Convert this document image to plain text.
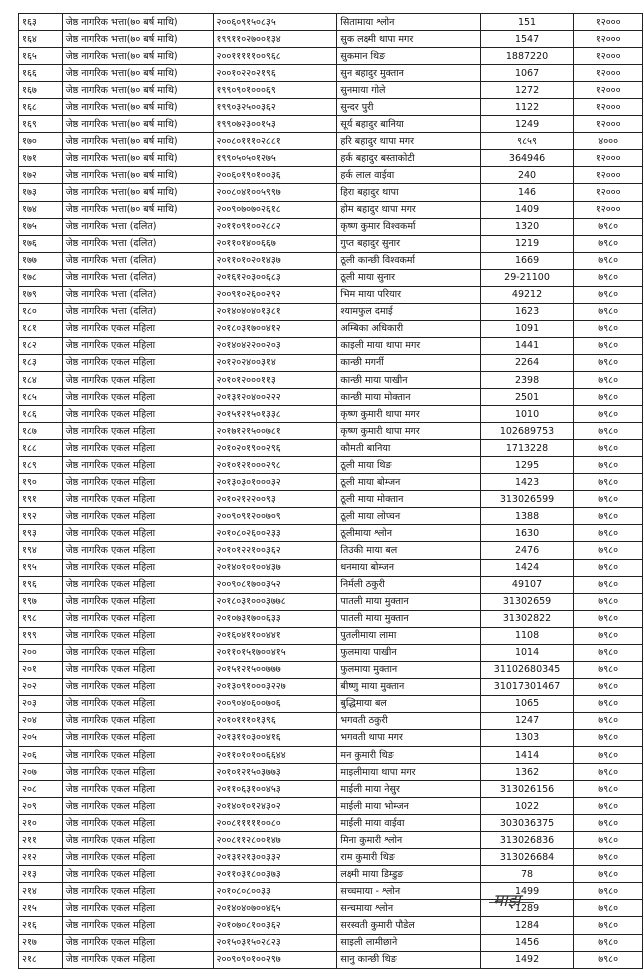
१६३	जेष्ठ नागरिक भत्ता(७० बर्ष माथि)	२००६०९१५०८३५	सितामाया श्लोन	151	१२०००
१६४	जेष्ठ नागरिक भत्ता(७० बर्ष माथि)	१९९११०२७००१३४	सुक लक्ष्मी थापा मगर	1547	१२०००
१६५	जेष्ठ नागरिक भत्ता(७० बर्ष माथि)	२००१११११००९६८	सुकमान थिङ	1887220	१२०००
१६६	जेष्ठ नागरिक भत्ता(७० बर्ष माथि)	२००१०२२०२१९६	सुन बहादुर मुक्तान	1067	१२०००
१६७	जेष्ठ नागरिक भत्ता(७० बर्ष माथि)	१९९०९०१०००६९	सुनमाया गोले	1272	१२०००
१६८	जेष्ठ नागरिक भत्ता(७० बर्ष माथि)	१९९०३२५००३६२	सुन्दर पुरी	1122	१२०००
१६९	जेष्ठ नागरिक भत्ता(७० बर्ष माथि)	१९९०७२३००१५३	सूर्य बहादुर बानिया	1249	१२०००
१७०	जेष्ठ नागरिक भत्ता(७० बर्ष माथि)	२००८०१११०२८८१	हरि बहादुर थापा मगर	९८५९	४०००
१७१	जेष्ठ नागरिक भत्ता(७० बर्ष माथि)	१९९०५०५०१२७५	हर्क बहादुर बस्ताकोटी	364946	१२०००
१७२	जेष्ठ नागरिक भत्ता(७० बर्ष माथि)	२००६०१९०१००३६	हर्क लाल वाईवा	240	१२०००
१७३	जेष्ठ नागरिक भत्ता(७० बर्ष माथि)	२००८०४१००५९९७	हिरा बहादुर थापा	146	१२०००
१७४	जेष्ठ नागरिक भत्ता(७० बर्ष माथि)	२००९०७०७०२६१८	होम बहादुर थापा मगर	1409	१२०००
१७५	जेष्ठ नागरिक भत्ता (दलित)	२०११०९१००२८८२	कृष्ण कुमार विश्वकर्मा	1320	७९८०
१७६	जेष्ठ नागरिक भत्ता (दलित)	२०११०१४००६६७	गुप्त बहादुर सुनार	1219	७९८०
१७७	जेष्ठ नागरिक भत्ता (दलित)	२०११०१०२०१४३७	ठूली कान्छी विश्वकर्मा	1669	७९८०
१७८	जेष्ठ नागरिक भत्ता (दलित)	२०१६१२०३००६८३	ठूली माया सुनार	29-21100	७९८०
१७९	जेष्ठ नागरिक भत्ता (दलित)	२००९१०२६००२९२	भिम माया परियार	49212	७९८०
१८०	जेष्ठ नागरिक भत्ता (दलित)	२०१४०४०४०१३८१	श्यामफुल दमाई	1623	७९८०
१८१	जेष्ठ नागरिक एकल महिला	२०१८०३१७००४१२	अम्बिका अधिकारी	1091	७९८०
१८२	जेष्ठ नागरिक एकल महिला	२०१४०४२२००२०३	काइली माया थापा मगर	1441	७९८०
१८३	जेष्ठ नागरिक एकल महिला	२०१२०२४००३१४	कान्छी मगर्नी	2264	७९८०
१८४	जेष्ठ नागरिक एकल महिला	२०१०१२०००११३	कान्छी माया पाखीन	2398	७९८०
१८५	जेष्ठ नागरिक एकल महिला	२०१३१२०४००२२२	कान्छी माया मोक्तान	2501	७९८०
१८६	जेष्ठ नागरिक एकल महिला	२०१५१२१५०१३३८	कृष्ण कुमारी थापा मगर	1010	७९८०
१८७	जेष्ठ नागरिक एकल महिला	२०१७१२१५००७८१	कृष्ण कुमारी थापा मगर	102689753	७९८०
१८८	जेष्ठ नागरिक एकल महिला	२०१०२०१९००२९६	कौमती बानिया	1713228	७९८०
१८९	जेष्ठ नागरिक एकल महिला	२०१०१२१०००२९८	ठूली माया थिङ	1295	७९८०
१९०	जेष्ठ नागरिक एकल महिला	२०१३०३०१०००३२	ठूली माया बोम्जन	1423	७९८०
१९१	जेष्ठ नागरिक एकल महिला	२०१०२१२२००९३	ठूली माया मोक्तान	313026599	७९८०
१९२	जेष्ठ नागरिक एकल महिला	२००९०९१२००७०९	ठूली माया लोप्चन	1388	७९८०
१९३	जेष्ठ नागरिक एकल महिला	२०१०८०२६००२३३	ठूलीमाया श्लोन	1630	७९८०
१९४	जेष्ठ नागरिक एकल महिला	२०१०१२२१००३६२	तिउकी माया बल	2476	७९८०
१९५	जेष्ठ नागरिक एकल महिला	२०१४०१०१००४३७	धनमाया बोम्जन	1424	७९८०
१९६	जेष्ठ नागरिक एकल महिला	२००९०८१७००३५२	निर्मली ठकुरी	49107	७९८०
१९७	जेष्ठ नागरिक एकल महिला	२०१८०३१०००३७७८	पातली माया मुक्तान	31302659	७९८०
१९८	जेष्ठ नागरिक एकल महिला	२०१०७३१७००६३३	पातली माया मुक्तान	31302822	७९८०
१९९	जेष्ठ नागरिक एकल महिला	२०१६०४११००४४१	पुतलीमाया लामा	1108	७९८०
२००	जेष्ठ नागरिक एकल महिला	२०११०१५१७००४१५	फुलमाया पाखीन	1014	७९८०
२०१	जेष्ठ नागरिक एकल महिला	२०१५१२१५००७७७	फुलमाया मुक्तान	31102680345	७९८०
२०२	जेष्ठ नागरिक एकल महिला	२०१३०९१०००३२२७	बीष्णु माया मुक्तान	31017301467	७९८०
२०३	जेष्ठ नागरिक एकल महिला	२००९०४०६००७०६	बुद्धिमाया बल	1065	७९८०
२०४	जेष्ठ नागरिक एकल महिला	२०१०१११०१३९६	भगवती ठकुरी	1247	७९८०
२०५	जेष्ठ नागरिक एकल महिला	२०१३११०३००४१६	भगवती थापा मगर	1303	७९८०
२०६	जेष्ठ नागरिक एकल महिला	२०११०१०१००६६४४	मन कुमारी थिङ	1414	७९८०
२०७	जेष्ठ नागरिक एकल महिला	२०१०१२१५०३७७३	माइलीमाया थापा मगर	1362	७९८०
२०८	जेष्ठ नागरिक एकल महिला	२०११०६३१००४५३	माईली माया नेसुर	313026156	७९८०
२०९	जेष्ठ नागरिक एकल महिला	२०१४०१०१२४३०२	माईली माया भोम्जन	1022	७९८०
२१०	जेष्ठ नागरिक एकल महिला	२००८१११११००८०	माईली माया वाईवा	303036375	७९८०
२११	जेष्ठ नागरिक एकल महिला	२००८११२८००१४७	मिना कुमारी श्लोन	313026836	७९८०
२१२	जेष्ठ नागरिक एकल महिला	२०१३१२१३००३३२	राम कुमारी थिङ	313026684	७९८०
२१३	जेष्ठ नागरिक एकल महिला	२०११०३१८००३७३	लक्ष्मी माया डिम्डुङ	78	७९८०
२१४	जेष्ठ नागरिक एकल महिला	२०१०८०८००३३	सच्चमाया - श्लोन	1499	७९८०
२१५	जेष्ठ नागरिक एकल महिला	२०१४०४०७००४६५	सन्चमाया श्लोन	1289	७९८०
२१६	जेष्ठ नागरिक एकल महिला	२०१०७०८१००३६२	सरस्वती कुमारी पौडेल	1284	७९८०
२१७	जेष्ठ नागरिक एकल महिला	२०१५०३१५०२८२३	साइली लामीछाने	1456	७९८०
२१८	जेष्ठ नागरिक एकल महिला	२००९०९०१००२९७	सानु कान्छी थिङ	1492	७९८०
माझ
